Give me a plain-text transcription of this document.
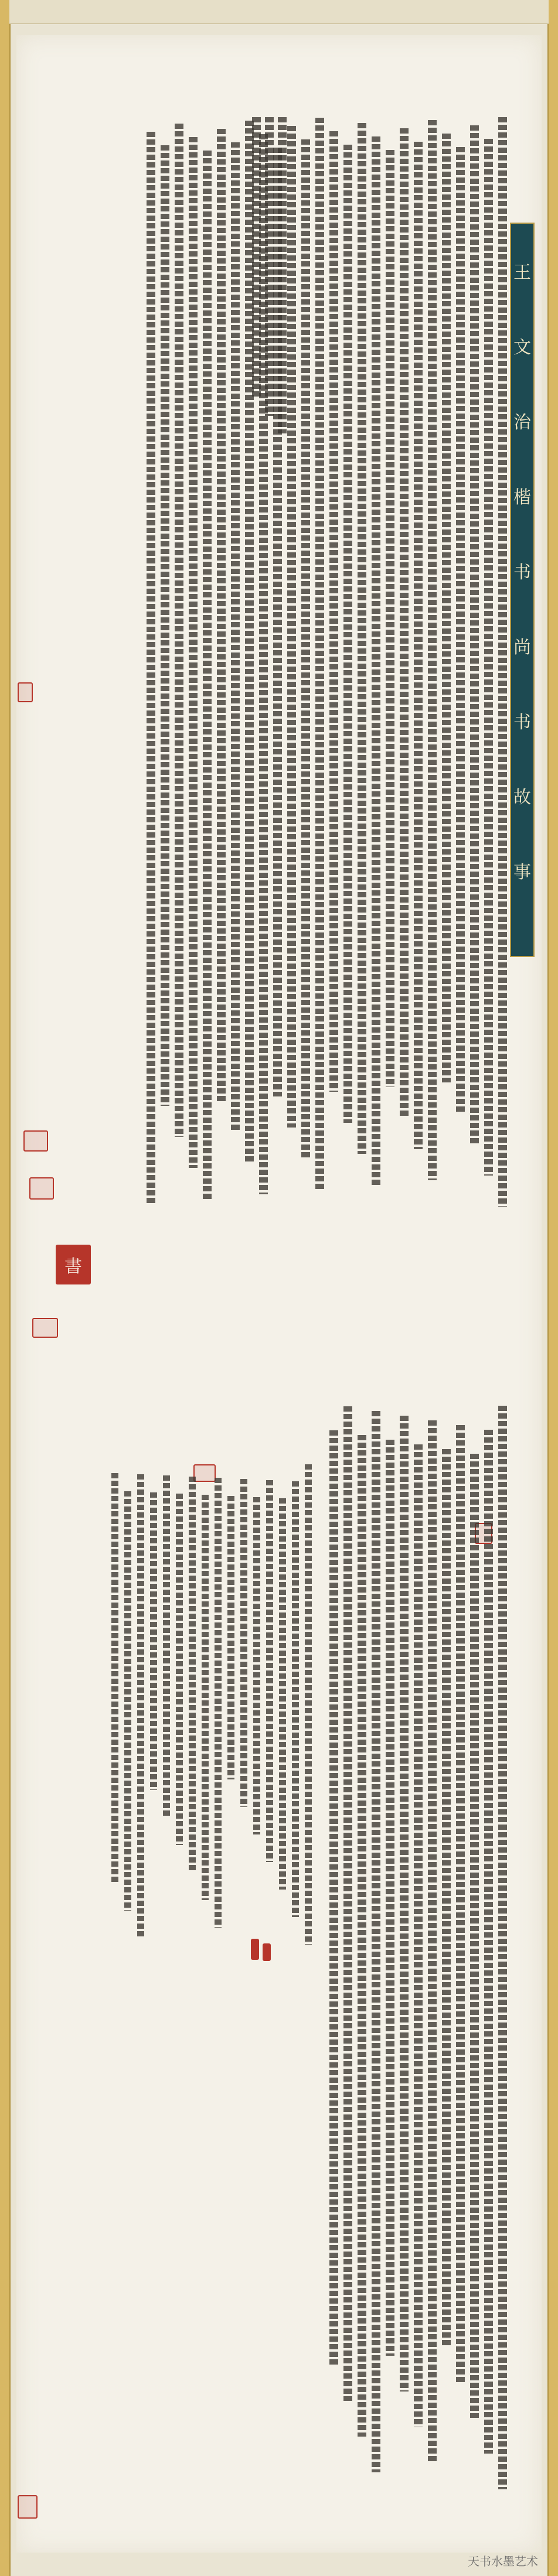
王
文
治
楷
书
尚
书
故
事
書
天书水墨艺术
